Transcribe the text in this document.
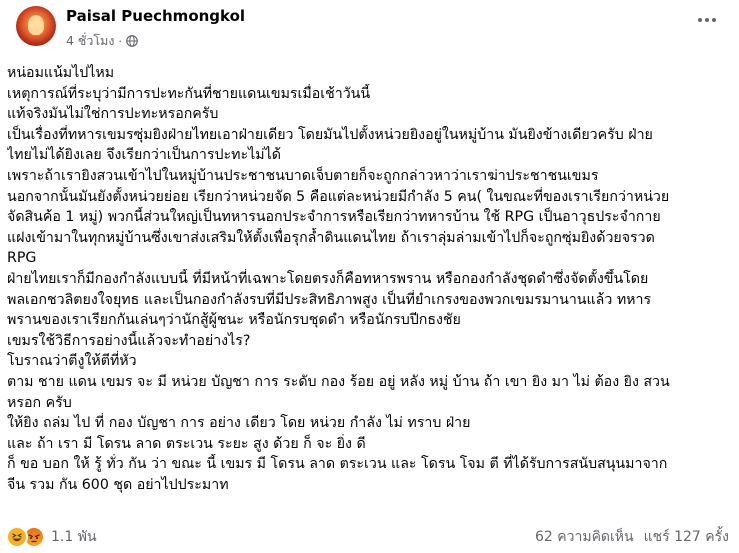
Paisal Puechmongkol
4 ชั่วโมง ·

หน่อมแน้มไปไหม

เหตุการณ์ที่ระบุว่ามีการปะทะกันที่ชายแดนเขมรเมื่อเช้าวันนี้

แท้จริงมันไม่ใช่การปะทะหรอกครับ

เป็นเรื่องที่ทหารเขมรซุ่มยิงฝ่ายไทยเอาฝ่ายเดียว โดยมันไปตั้งหน่วยยิงอยู่ในหมู่บ้าน มันยิงข้างเดียวครับ ฝ่าย

ไทยไม่ได้ยิงเลย จึงเรียกว่าเป็นการปะทะไม่ได้

เพราะถ้าเรายิงสวนเข้าไปในหมู่บ้านประชาชนบาดเจ็บตายก็จะถูกกล่าวหาว่าเราฆ่าประชาชนเขมร

นอกจากนั้นมันยังตั้งหน่วยย่อย เรียกว่าหน่วยจัด 5 คือแต่ละหน่วยมีกำลัง 5 คน( ในขณะที่ของเราเรียกว่าหน่วย

จัดสินค้อ 1 หมู่) พวกนี้ส่วนใหญ่เป็นทหารนอกประจำการหรือเรียกว่าทหารบ้าน ใช้ RPG เป็นอาวุธประจำกาย

แฝงเข้ามาในทุกหมู่บ้านซึ่งเขาส่งเสริมให้ตั้งเพื่อรุกล้ำดินแดนไทย ถ้าเราลุ่มล่ามเข้าไปก็จะถูกซุ่มยิงด้วยจรวด

RPG

ฝ่ายไทยเราก็มีกองกำลังแบบนี้ ที่มีหน้าที่เฉพาะโดยตรงก็คือทหารพราน หรือกองกำลังชุดดำซึ่งจัดตั้งขึ้นโดย

พลเอกชวลิตยงใจยุทธ และเป็นกองกำลังรบที่มีประสิทธิภาพสูง เป็นที่ยำเกรงของพวกเขมรมานานแล้ว ทหาร

พรานของเราเรียกกันเล่นๆว่านักสู้ผู้ชนะ หรือนักรบชุดดำ หรือนักรบปีกธงชัย

เขมรใช้วิธีการอย่างนี้แล้วจะทำอย่างไร?

โบราณว่าตีงูให้ตีที่หัว

ตาม ชาย แดน เขมร จะ มี หน่วย บัญชา การ ระดับ กอง ร้อย อยู่ หลัง หมู่ บ้าน ถ้า เขา ยิง มา ไม่ ต้อง ยิง สวน

หรอก ครับ

ให้ยิง ถล่ม ไป ที่ กอง บัญชา การ อย่าง เดียว โดย หน่วย กำลัง ไม่ ทราบ ฝ่าย

และ ถ้า เรา มี โดรน ลาด ตระเวน ระยะ สูง ด้วย ก็ จะ ยิ่ง ดี

ก็ ขอ บอก ให้ รู้ ทั่ว กัน ว่า ขณะ นี้ เขมร มี โดรน ลาด ตระเวน และ โดรน โจม ตี ที่ได้รับการสนับสนุนมาจาก

จีน รวม กัน 600 ชุด อย่าไปประมาท

1.1 พัน	62 ความคิดเห็น แชร์ 127 ครั้ง
